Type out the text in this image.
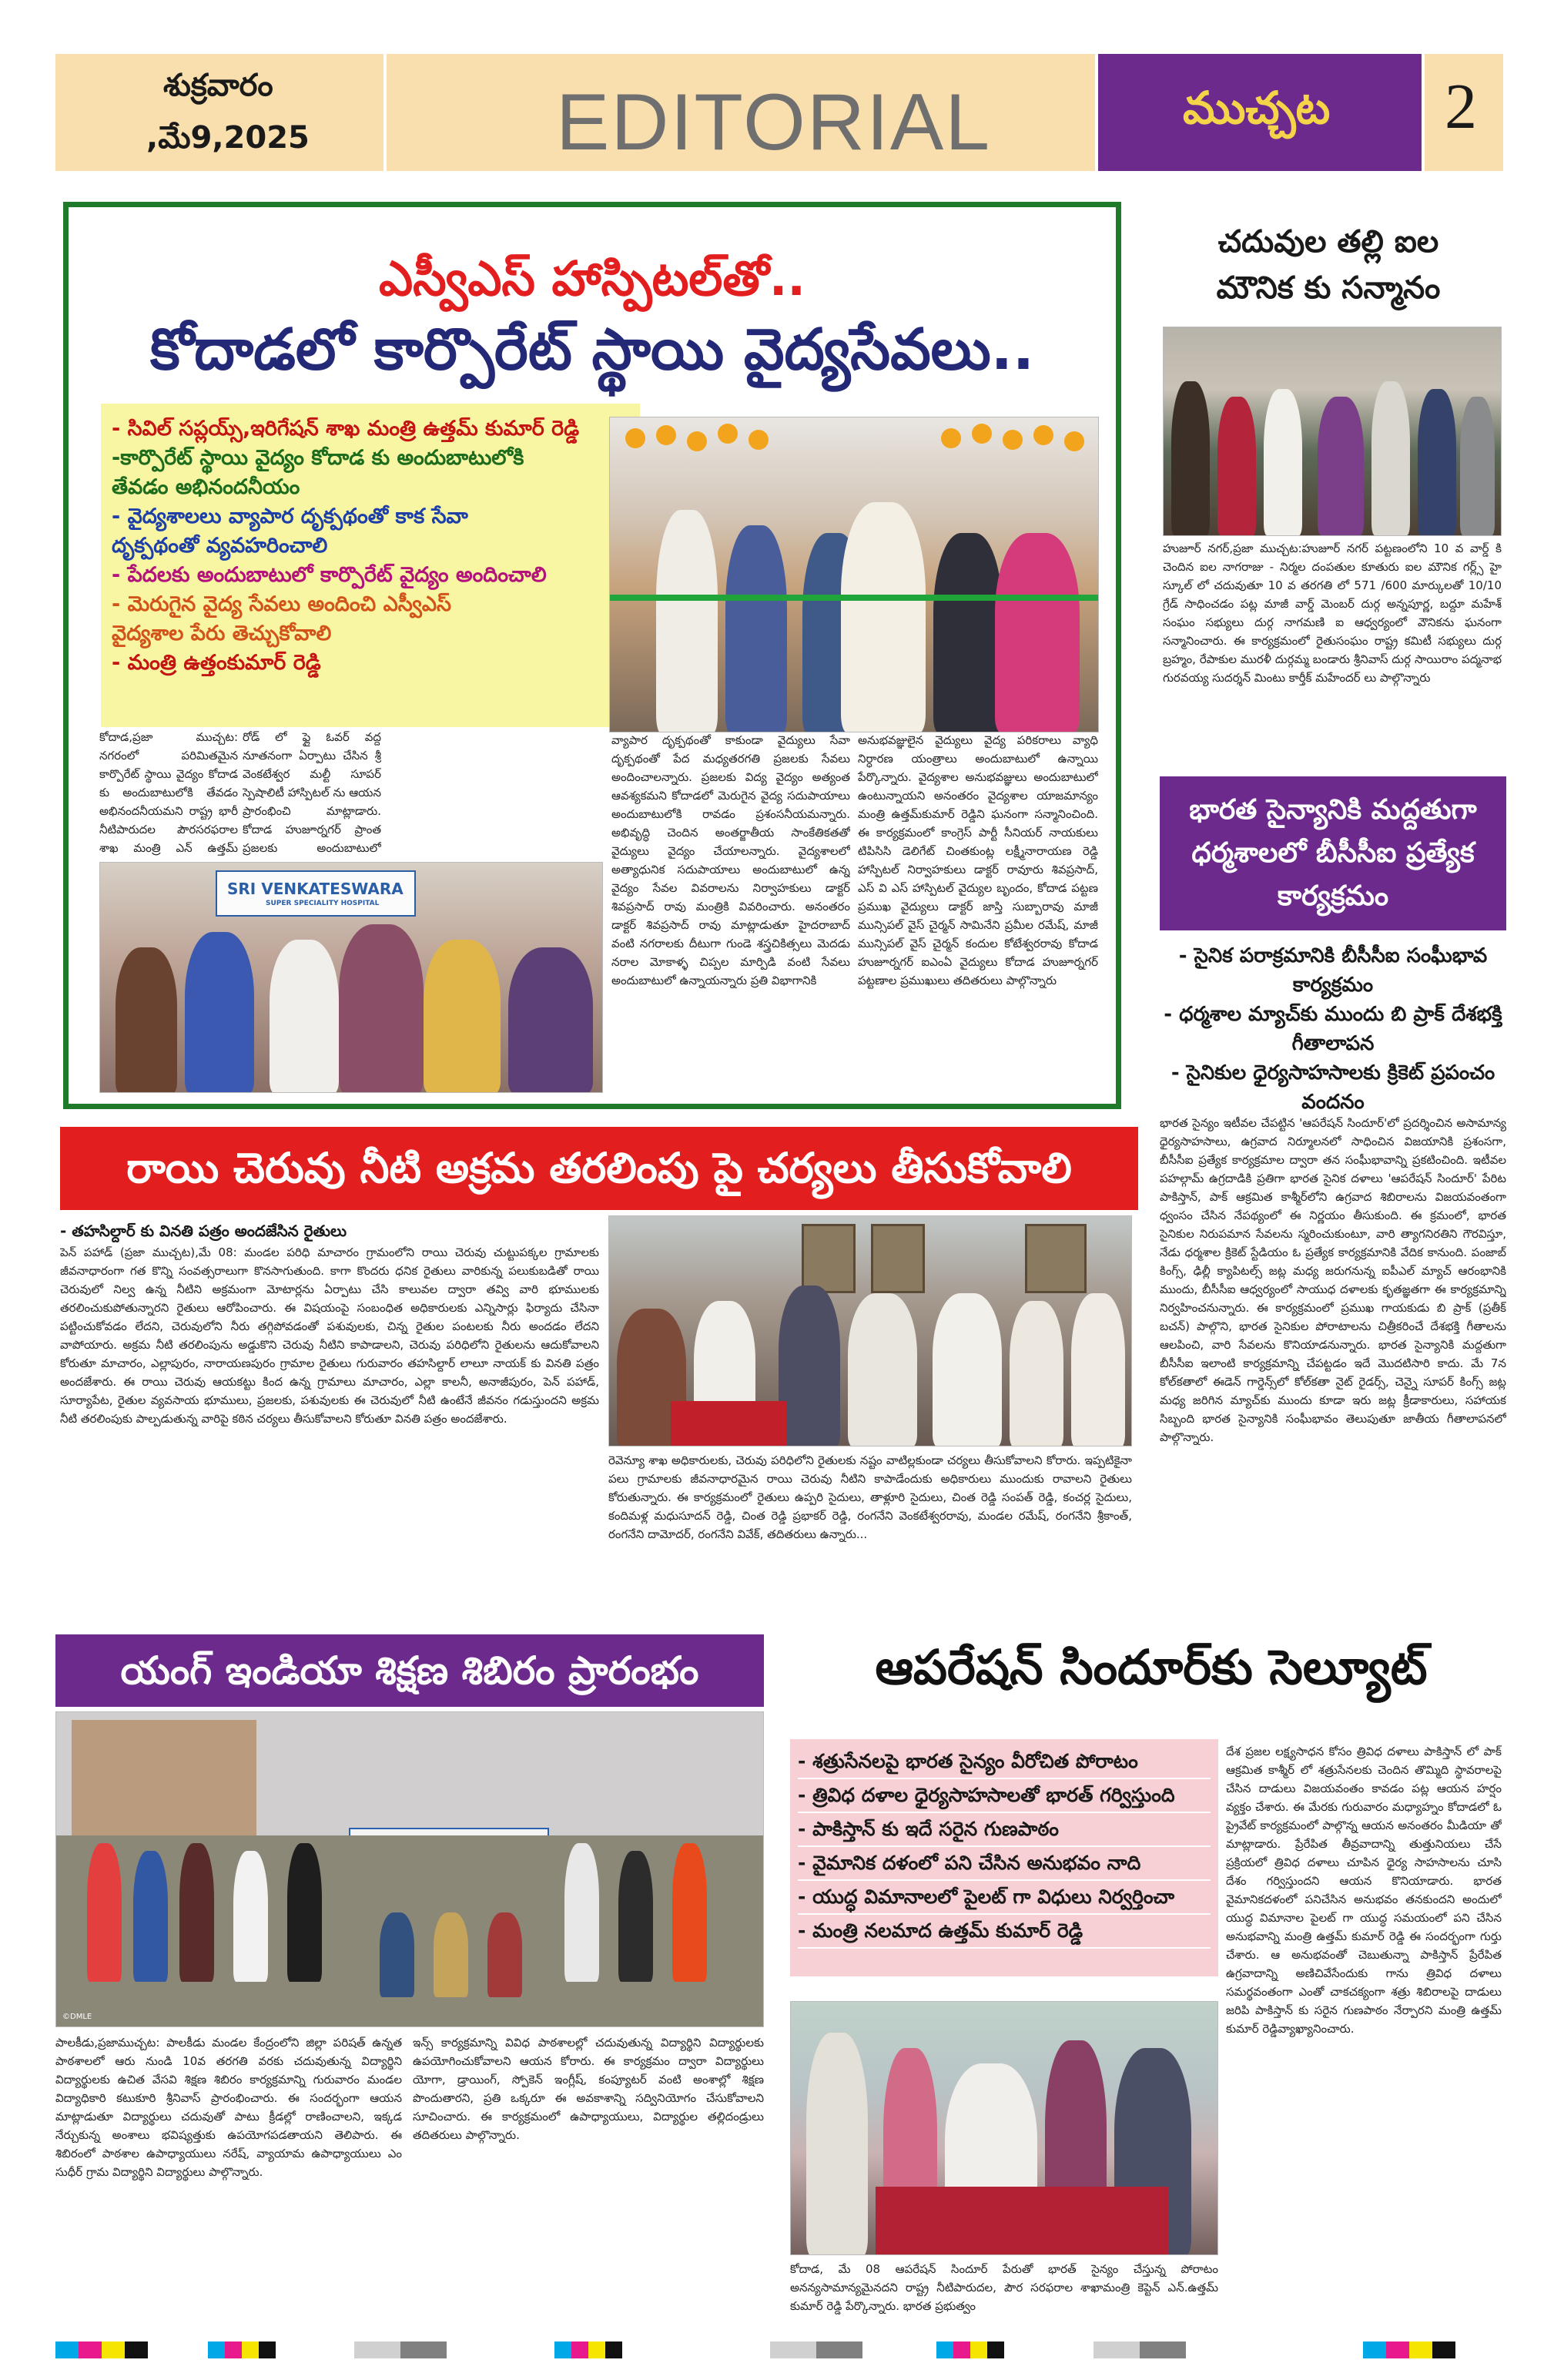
శుక్రవారం
,మే9,2025	EDITORIAL	ముచ్చట 2
ఎస్వీఎస్ హాస్పిటల్‌తో..
కోదాడలో కార్పొరేట్ స్థాయి వైద్యసేవలు..
- సివిల్ సప్లయ్స్,ఇరిగేషన్ శాఖ మంత్రి ఉత్తమ్ కుమార్ రెడ్డి
-కార్పొరేట్ స్థాయి వైద్యం కోదాడ కు అందుబాటులోకి
తేవడం అభినందనీయం
- వైద్యశాలలు వ్యాపార దృక్పథంతో కాక సేవా
దృక్పథంతో వ్యవహరించాలి
- పేదలకు అందుబాటులో కార్పొరేట్ వైద్యం అందించాలి
- మెరుగైన వైద్య సేవలు అందించి ఎస్వీఎస్
వైద్యశాల పేరు తెచ్చుకోవాలి
- మంత్రి ఉత్తంకుమార్ రెడ్డి
కోదాడ,ప్రజా ముచ్చట: నగరంలో పరిమితమైన కార్పొరేట్ స్థాయి వైద్యం కోదాడ కు అందుబాటులోకి తేవడం అభినందనీయమని రాష్ట్ర భారీ నీటిపారుదల పౌరసరఫరాల శాఖ మంత్రి ఎన్ ఉత్తమ్
రోడ్ లో ఫ్లై ఓవర్ వద్ద నూతనంగా ఏర్పాటు చేసిన శ్రీ వెంకటేశ్వర మల్టీ సూపర్ స్పెషాలిటీ హాస్పిటల్ ను ఆయన ప్రారంభించి మాట్లాడారు. కోదాడ హుజూర్నగర్ ప్రాంత ప్రజలకు అందుబాటులో
వ్యాపార దృక్పథంతో కాకుండా వైద్యులు సేవా దృక్పథంతో పేద మధ్యతరగతి ప్రజలకు సేవలు అందించాలన్నారు. ప్రజలకు విద్య వైద్యం అత్యంత ఆవశ్యకమని కోదాడలో మెరుగైన వైద్య సదుపాయాలు అందుబాటులోకి రావడం ప్రశంసనీయమన్నారు. అభివృద్ధి చెందిన అంతర్జాతీయ సాంకేతికతతో వైద్యులు వైద్యం చేయాలన్నారు. వైద్యశాలలో అత్యాధునిక సదుపాయాలు అందుబాటులో ఉన్న వైద్యం సేవల వివరాలను నిర్వాహకులు డాక్టర్ శివప్రసాద్ రావు మంత్రికి వివరించారు. అనంతరం డాక్టర్ శివప్రసాద్ రావు మాట్లాడుతూ హైదరాబాద్ వంటి నగరాలకు దీటుగా గుండె శస్త్రచికిత్సలు మెదడు నరాల మోకాళ్ళ చిప్పల మార్పిడి వంటి సేవలు అందుబాటులో ఉన్నాయన్నారు ప్రతి విభాగానికి
అనుభవజ్ఞులైన వైద్యులు వైద్య పరికరాలు వ్యాధి నిర్ధారణ యంత్రాలు అందుబాటులో ఉన్నాయి పేర్కొన్నారు. వైద్యశాల అనుభవజ్ఞులు అందుబాటులో ఉంటున్నాయని అనంతరం వైద్యశాల యాజమాన్యం మంత్రి ఉత్తమ్‌కుమార్ రెడ్డిని ఘనంగా సన్మానించింది. ఈ కార్యక్రమంలో కాంగ్రెస్ పార్టీ సీనియర్ నాయకులు టిపిసిసి డెలిగేట్ చింతకుంట్ల లక్ష్మీనారాయణ రెడ్డి హాస్పిటల్ నిర్వాహకులు డాక్టర్ రావూరు శివప్రసాద్, ఎస్ వి ఎస్ హాస్పిటల్ వైద్యుల బృందం, కోదాడ పట్టణ ప్రముఖ వైద్యులు డాక్టర్ జాస్తి సుబ్బారావు మాజీ మున్సిపల్ వైస్ చైర్మన్ సామినేని ప్రమీల రమేష్, మాజీ మున్సిపల్ వైస్ చైర్మన్ కందుల కోటేశ్వరరావు కోదాడ హుజూర్నగర్ ఐఎంఏ వైద్యులు కోదాడ హుజూర్నగర్ పట్టణాల ప్రముఖులు తదితరులు పాల్గొన్నారు
SRI VENKATESWARA
SUPER SPECIALITY HOSPITAL
చదువుల తల్లి ఐల
మౌనిక కు సన్మానం
హుజూర్ నగర్,ప్రజా ముచ్చట:హుజూర్ నగర్ పట్టణంలోని 10 వ వార్డ్ కి చెందిన ఐల నాగరాజు - నిర్మల దంపతుల కూతురు ఐల మౌనిక గర్ల్స్ హై స్కూల్ లో చదువుతూ 10 వ తరగతి లో 571 /600 మార్కులతో 10/10 గ్రేడ్ సాధించడం పట్ల మాజీ వార్డ్ మెంబర్ దుర్గ అన్నపూర్ణ, బద్దూ మహేశ్ సంఘం సభ్యులు దుర్గ నాగమణి ఐ ఆధ్వర్యంలో వౌనికను ఘనంగా సన్మానించారు. ఈ కార్యక్రమంలో రైతుసంఘం రాష్ట్ర కమిటీ సభ్యులు దుర్గ బ్రహ్మం, రేపాకుల మురళీ దుర్గమ్మ బండారు శ్రీనివాస్ దుర్గ సాయిరాం పద్మనాభ గురవయ్య సుదర్శన్ మింటు కార్తీక్ మహేందర్ లు పాల్గొన్నారు
భారత సైన్యానికి మద్దతుగా ధర్మశాలలో బీసీసీఐ ప్రత్యేక కార్యక్రమం
- సైనిక పరాక్రమానికి బీసీసీఐ సంఘీభావ కార్యక్రమం
- ధర్మశాల మ్యాచ్‌కు ముందు బి ప్రాక్ దేశభక్తి గీతాలాపన
- సైనికుల ధైర్యసాహసాలకు క్రికెట్ ప్రపంచం వందనం
భారత సైన్యం ఇటీవల చేపట్టిన 'ఆపరేషన్ సిందూర్'లో ప్రదర్శించిన అసామాన్య ధైర్యసాహసాలు, ఉగ్రవాద నిర్మూలనలో సాధించిన విజయానికి ప్రశంసగా, బీసీసీఐ ప్రత్యేక కార్యక్రమాల ద్వారా తన సంఘీభావాన్ని ప్రకటించింది. ఇటీవల పహల్గామ్ ఉగ్రదాడికి ప్రతిగా భారత సైనిక దళాలు 'ఆపరేషన్ సిందూర్' పేరిట పాకిస్తాన్, పాక్ ఆక్రమిత కాశ్మీర్‌లోని ఉగ్రవాద శిబిరాలను విజయవంతంగా ధ్వంసం చేసిన నేపథ్యంలో ఈ నిర్ణయం తీసుకుంది. ఈ క్రమంలో, భారత సైనికుల నిరుపమాన సేవలను స్మరించుకుంటూ, వారి త్యాగనిరతిని గౌరవిస్తూ, నేడు ధర్మశాల క్రికెట్ స్టేడియం ఓ ప్రత్యేక కార్యక్రమానికి వేదిక కానుంది. పంజాబ్ కింగ్స్, ఢిల్లీ క్యాపిటల్స్ జట్ల మధ్య జరుగనున్న ఐపీఎల్ మ్యాచ్ ఆరంభానికి ముందు, బీసీసీఐ ఆధ్వర్యంలో సాయుధ దళాలకు కృతజ్ఞతగా ఈ కార్యక్రమాన్ని నిర్వహించనున్నారు. ఈ కార్యక్రమంలో ప్రముఖ గాయకుడు బి ప్రాక్ (ప్రతీక్ బచన్) పాల్గొని, భారత సైనికుల పోరాటాలను చిత్రీకరించే దేశభక్తి గీతాలను ఆలపించి, వారి సేవలను కొనియాడనున్నారు. భారత సైన్యానికి మద్దతుగా బీసీసీఐ ఇలాంటి కార్యక్రమాన్ని చేపట్టడం ఇదే మొదటిసారి కాదు. మే 7న కోల్‌కతాలో ఈడెన్ గార్డెన్స్‌లో కోల్‌కతా నైట్ రైడర్స్, చెన్నై సూపర్ కింగ్స్ జట్ల మధ్య జరిగిన మ్యాచ్‌కు ముందు కూడా ఇరు జట్ల క్రీడాకారులు, సహాయక సిబ్బంది భారత సైన్యానికి సంఘీభావం తెలుపుతూ జాతీయ గీతాలాపనలో పాల్గొన్నారు.
రాయి చెరువు నీటి అక్రమ తరలింపు పై చర్యలు తీసుకోవాలి
- తహసిల్దార్ కు వినతి పత్రం అందజేసిన రైతులు
పెన్ పహాడ్ (ప్రజా ముచ్చట),మే 08: మండల పరిధి మాచారం గ్రామంలోని రాయి చెరువు చుట్టుపక్కల గ్రామాలకు జీవనాధారంగా గత కొన్ని సంవత్సరాలుగా కొనసాగుతుంది. కాగా కొందరు ధనిక రైతులు వారికున్న పలుకుబడితో రాయి చెరువులో నిల్వ ఉన్న నీటిని అక్రమంగా మోటార్లను ఏర్పాటు చేసి కాలువల ద్వారా తవ్వి వారి భూములకు తరలించుకుపోతున్నారని రైతులు ఆరోపించారు. ఈ విషయంపై సంబంధిత అధికారులకు ఎన్నిసార్లు ఫిర్యాదు చేసినా పట్టించుకోవడం లేదని, చెరువులోని నీరు తగ్గిపోవడంతో పశువులకు, చిన్న రైతుల పంటలకు నీరు అందడం లేదని వాపోయారు. అక్రమ నీటి తరలింపును అడ్డుకొని చెరువు నీటిని కాపాడాలని, చెరువు పరిధిలోని రైతులను ఆదుకోవాలని కోరుతూ మాచారం, ఎల్లాపురం, నారాయణపురం గ్రామాల రైతులు గురువారం తహసిల్దార్ లాలూ నాయక్ కు వినతి పత్రం అందజేశారు. ఈ రాయి చెరువు ఆయకట్టు కింద ఉన్న గ్రామాలు మాచారం, ఎల్లా కాలనీ, అనాజీపురం, పెన్ పహాడ్, సూర్యాపేట, రైతుల వ్యవసాయ భూములు, ప్రజలకు, పశువులకు ఈ చెరువులో నీటి ఉంటేనే జీవనం గడుస్తుందని అక్రమ నీటి తరలింపుకు పాల్పడుతున్న వారిపై కఠిన చర్యలు తీసుకోవాలని కోరుతూ వినతి పత్రం అందజేశారు.
రెవెన్యూ శాఖ అధికారులకు, చెరువు పరిధిలోని రైతులకు నష్టం వాటిల్లకుండా చర్యలు తీసుకోవాలని కోరారు. ఇప్పటికైనా పలు గ్రామాలకు జీవనాధారమైన రాయి చెరువు నీటిని కాపాడేందుకు అధికారులు ముందుకు రావాలని రైతులు కోరుతున్నారు. ఈ కార్యక్రమంలో రైతులు ఉప్పరి సైదులు, తాళ్లూరి సైదులు, చింత రెడ్డి సంపత్ రెడ్డి, కంచర్ల సైదులు, కందిమళ్ల మధుసూదన్ రెడ్డి, చింత రెడ్డి ప్రభాకర్ రెడ్డి, రంగనేని వెంకటేశ్వరరావు, మండల రమేష్, రంగనేని శ్రీకాంత్, రంగనేని దామోదర్, రంగనేని వివేక్, తదితరులు ఉన్నారు...
యంగ్ ఇండియా శిక్షణ శిబిరం ప్రారంభం
©DMLE
పాలకీడు,ప్రజాముచ్చట: పాలకీడు మండల కేంద్రంలోని జిల్లా పరిషత్ ఉన్నత పాఠశాలలో ఆరు నుండి 10వ తరగతి వరకు చదువుతున్న విద్యార్థిని విద్యార్థులకు ఉచిత వేసవి శిక్షణ శిబిరం కార్యక్రమాన్ని గురువారం మండల విద్యాధికారి కటుకూరి శ్రీనివాస్ ప్రారంభించారు. ఈ సందర్భంగా ఆయన మాట్లాడుతూ విద్యార్థులు చదువుతో పాటు క్రీడల్లో రాణించాలని, ఇక్కడ నేర్చుకున్న అంశాలు భవిష్యత్తుకు ఉపయోగపడతాయని తెలిపారు. ఈ శిబిరంలో పాఠశాల ఉపాధ్యాయులు నరేష్, వ్యాయామ ఉపాధ్యాయులు ఎం సుధీర్ గ్రామ విద్యార్థిని విద్యార్థులు పాల్గొన్నారు.
ఇన్స్ కార్యక్రమాన్ని వివిధ పాఠశాలల్లో చదువుతున్న విద్యార్థిని విద్యార్థులకు ఉపయోగించుకోవాలని ఆయన కోరారు. ఈ కార్యక్రమం ద్వారా విద్యార్థులు యోగా, డ్రాయింగ్, స్పోకెన్ ఇంగ్లీష్, కంప్యూటర్ వంటి అంశాల్లో శిక్షణ పొందుతారని, ప్రతి ఒక్కరూ ఈ అవకాశాన్ని సద్వినియోగం చేసుకోవాలని సూచించారు. ఈ కార్యక్రమంలో ఉపాధ్యాయులు, విద్యార్థుల తల్లిదండ్రులు తదితరులు పాల్గొన్నారు.
ఆపరేషన్ సిందూర్‌కు సెల్యూట్
- శత్రుసేనలపై భారత సైన్యం వీరోచిత పోరాటం
- త్రివిధ దళాల ధైర్యసాహసాలతో భారత్ గర్విస్తుంది
- పాకిస్తాన్ కు ఇదే సరైన గుణపాఠం
- వైమానిక దళంలో పని చేసిన అనుభవం నాది
- యుద్ధ విమానాలలో పైలట్ గా విధులు నిర్వర్తించా
- మంత్రి నలమాద ఉత్తమ్ కుమార్ రెడ్డి
కోదాడ, మే 08 ఆపరేషన్ సిందూర్ పేరుతో భారత్ సైన్యం చేస్తున్న పోరాటం అనన్యసామాన్యమైనదని రాష్ట్ర నీటిపారుదల, పౌర సరఫరాల శాఖామంత్రి కెప్టెన్ ఎన్.ఉత్తమ్ కుమార్ రెడ్డి పేర్కొన్నారు. భారత ప్రభుత్వం
దేశ ప్రజల లక్ష్యసాధన కోసం త్రివిధ దళాలు పాకిస్తాన్ లో పాక్ ఆక్రమిత కాశ్మీర్ లో శత్రుసేనలకు చెందిన తొమ్మిది స్థావరాలపై చేసిన దాడులు విజయవంతం కావడం పట్ల ఆయన హర్షం వ్యక్తం చేశారు. ఈ మేరకు గురువారం మధ్యాహ్నం కోదాడలో ఓ ప్రైవేట్ కార్యక్రమంలో పాల్గొన్న ఆయన అనంతరం మీడియా తో మాట్లాడారు. ప్రేరేపిత తీవ్రవాదాన్ని తుత్తునియలు చేసే ప్రక్రియలో త్రివిధ దళాలు చూపిన ధైర్య సాహసాలను చూసి దేశం గర్విస్తుందని ఆయన కొనియాడారు. భారత వైమానికదళంలో పనిచేసిన అనుభవం తనకుందని అందులో యుద్ధ విమానాల పైలట్ గా యుద్ధ సమయంలో పని చేసిన అనుభవాన్ని మంత్రి ఉత్తమ్ కుమార్ రెడ్డి ఈ సందర్భంగా గుర్తు చేశారు. ఆ అనుభవంతో చెబుతున్నా పాకిస్తాన్ ప్రేరేపిత ఉగ్రవాదాన్ని అణిచివేసేందుకు గాను త్రివిధ దళాలు సమర్థవంతంగా ఎంతో చాకచక్యంగా శత్రు శిబిరాలపై దాడులు జరిపి పాకిస్తాన్ కు సరైన గుణపాఠం నేర్పారని మంత్రి ఉత్తమ్ కుమార్ రెడ్డివ్యాఖ్యానించారు.
